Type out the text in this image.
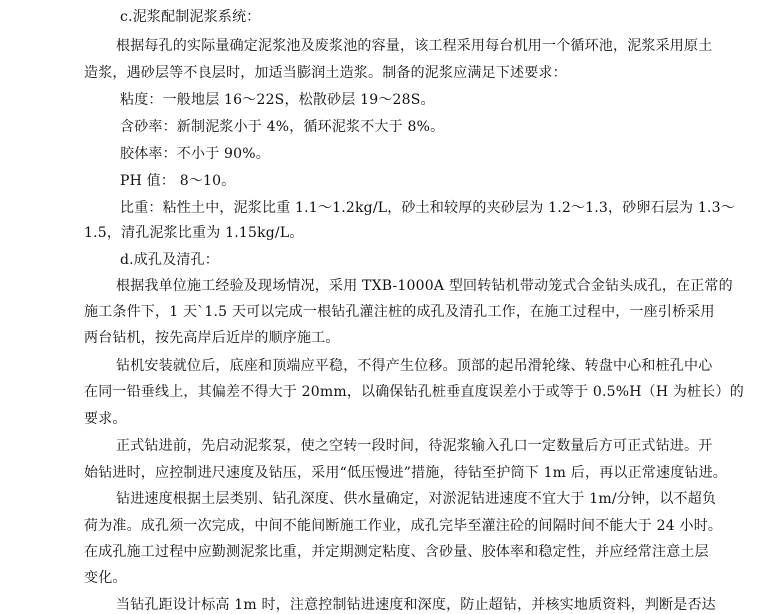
c.泥浆配制泥浆系统：
根据每孔的实际量确定泥浆池及废浆池的容量，该工程采用每台机用一个循环池，泥浆采用原土
造浆，遇砂层等不良层时，加适当膨润土造浆。制备的泥浆应满足下述要求：
粘度：一般地层 16～22S，松散砂层 19～28S。
含砂率：新制泥浆小于 4%，循环泥浆不大于 8%。
胶体率：不小于 90%。
PH 值： 8～10。
比重：粘性土中，泥浆比重 1.1～1.2kg/L，砂土和较厚的夹砂层为 1.2～1.3，砂卵石层为 1.3～
1.5，清孔泥浆比重为 1.15kg/L。
d.成孔及清孔：
根据我单位施工经验及现场情况，采用 TXB-1000A 型回转钻机带动笼式合金钻头成孔，在正常的
施工条件下，1 天`1.5 天可以完成一根钻孔灌注桩的成孔及清孔工作，在施工过程中，一座引桥采用
两台钻机，按先高岸后近岸的顺序施工。
钻机安装就位后，底座和顶端应平稳，不得产生位移。顶部的起吊滑轮缘、转盘中心和桩孔中心
在同一铅垂线上，其偏差不得大于 20mm，以确保钻孔桩垂直度误差小于或等于 0.5%H（H 为桩长）的
要求。
正式钻进前，先启动泥浆泵，使之空转一段时间，待泥浆输入孔口一定数量后方可正式钻进。开
始钻进时，应控制进尺速度及钻压，采用“低压慢进”措施，待钻至护筒下 1m 后，再以正常速度钻进。
钻进速度根据土层类别、钻孔深度、供水量确定，对淤泥钻进速度不宜大于 1m/分钟，以不超负
荷为准。成孔须一次完成，中间不能间断施工作业，成孔完毕至灌注砼的间隔时间不能大于 24 小时。
在成孔施工过程中应勤测泥浆比重，并定期测定粘度、含砂量、胶体率和稳定性，并应经常注意土层
变化。
当钻孔距设计标高 1m 时，注意控制钻进速度和深度，防止超钻，并核实地质资料，判断是否达
